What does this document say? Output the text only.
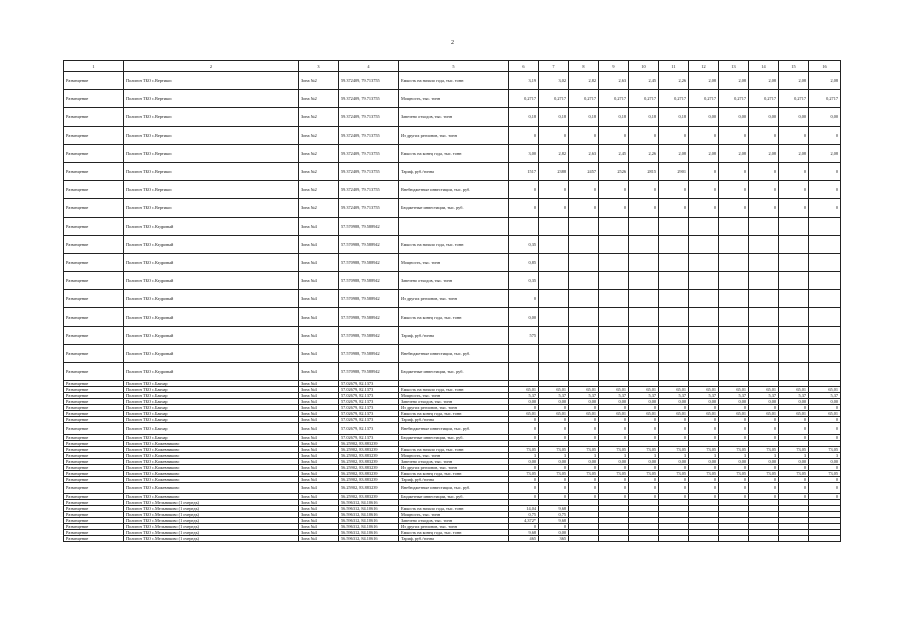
2
1	2	3	4	5	6	7	8	9	10	11	12	13	14	15	16
Размещение	Полигон ТБО с.Вертикос	Зона №2	59.372409, 79.713755	Емкость на начало года, тыс. тонн	3,19	3,02	2,82	2,63	2,45	2,26	2,08	2,08	2,08	2,08	2,08
Размещение	Полигон ТБО с.Вертикос	Зона №2	59.372409, 79.713755	Мощность, тыс. тонн	0,2717	0,2717	0,2717	0,2717	0,2717	0,2717	0,2717	0,2717	0,2717	0,2717	0,2717
Размещение	Полигон ТБО с.Вертикос	Зона №2	59.372409, 79.713755	Завезено отходов, тыс. тонн	0,18	0,18	0,18	0,18	0,18	0,18	0,00	0,00	0,00	0,00	0,00
Размещение	Полигон ТБО с.Вертикос	Зона №2	59.372409, 79.713755	Из других регионов, тыс. тонн	0	0	0	0	0	0	0	0	0	0	0
Размещение	Полигон ТБО с.Вертикос	Зона №2	59.372409, 79.713755	Емкость на конец года, тыс. тонн	3,00	2,82	2,63	2,45	2,26	2,08	2,08	2,08	2,08	2,08	2,08
Размещение	Полигон ТБО с.Вертикос	Зона №2	59.372409, 79.713755	Тариф, руб./тонна	1517	2388	2457	2526	2815	2901	0	0	0	0	0
Размещение	Полигон ТБО с.Вертикос	Зона №2	59.372409, 79.713755	Внебюджетные инвестиции, тыс. руб.	0	0	0	0	0	0	0	0	0	0	0
Размещение	Полигон ТБО с.Вертикос	Зона №2	59.372409, 79.713755	Бюджетные инвестиции, тыс. руб.	0	0	0	0	0	0	0	0	0	0	0
Размещение	Полигон ТБО с.Кедровый	Зона №4	57.570988, 79.588942												
Размещение	Полигон ТБО с.Кедровый	Зона №4	57.570988, 79.588942	Емкость на начало года, тыс. тонн	0,35										
Размещение	Полигон ТБО с.Кедровый	Зона №4	57.570988, 79.588942	Мощность, тыс. тонн	0,85										
Размещение	Полигон ТБО с.Кедровый	Зона №4	57.570988, 79.588942	Завезено отходов, тыс. тонн	0,35										
Размещение	Полигон ТБО с.Кедровый	Зона №4	57.570988, 79.588942	Из других регионов, тыс. тонн	0										
Размещение	Полигон ТБО с.Кедровый	Зона №4	57.570988, 79.588942	Емкость на конец года, тыс. тонн	0,00										
Размещение	Полигон ТБО с.Кедровый	Зона №4	57.570988, 79.588942	Тариф, руб./тонна	575										
Размещение	Полигон ТБО с.Кедровый	Зона №4	57.570988, 79.588942	Внебюджетные инвестиции, тыс. руб.											
Размещение	Полигон ТБО с.Кедровый	Зона №4	57.570988, 79.588942	Бюджетные инвестиции, тыс. руб.											
Размещение	Полигон ТБО с.Бакчар	Зона №4	57.02679, 82.1373												
Размещение	Полигон ТБО с.Бакчар	Зона №4	57.02679, 82.1373	Емкость на начало года, тыс. тонн	65,01	65,01	65,01	65,01	65,01	65,01	65,01	65,01	65,01	65,01	65,01
Размещение	Полигон ТБО с.Бакчар	Зона №4	57.02679, 82.1373	Мощность, тыс. тонн	5,37	5,37	5,37	5,37	5,37	5,37	5,37	5,37	5,37	5,37	5,37
Размещение	Полигон ТБО с.Бакчар	Зона №4	57.02679, 82.1373	Завезено отходов, тыс. тонн	0,00	0,00	0,00	0,00	0,00	0,00	0,00	0,00	0,00	0,00	0,00
Размещение	Полигон ТБО с.Бакчар	Зона №4	57.02679, 82.1373	Из других регионов, тыс. тонн	0	0	0	0	0	0	0	0	0	0	0
Размещение	Полигон ТБО с.Бакчар	Зона №4	57.02679, 82.1373	Емкость на конец года, тыс. тонн	65,01	65,01	65,01	65,01	65,01	65,01	65,01	65,01	65,01	65,01	65,01
Размещение	Полигон ТБО с.Бакчар	Зона №4	57.02679, 82.1373	Тариф, руб./тонна	0	0	0	0	0	0	0	0	0	0	0
Размещение	Полигон ТБО с.Бакчар	Зона №4	57.02679, 82.1373	Внебюджетные инвестиции, тыс. руб.	0	0	0	0	0	0	0	0	0	0	0
Размещение	Полигон ТБО с.Бакчар	Зона №4	57.02679, 82.1373	Бюджетные инвестиции, тыс. руб.	0	0	0	0	0	0	0	0	0	0	0
Размещение	Полигон ТБО с.Кожевниково	Зона №4	56.25902, 83.883239												
Размещение	Полигон ТБО с.Кожевниково	Зона №4	56.25902, 83.883239	Емкость на начало года, тыс. тонн	73,05	73,05	73,05	73,05	73,05	73,05	73,05	73,05	73,05	73,05	73,05
Размещение	Полигон ТБО с.Кожевниково	Зона №4	56.25902, 83.883239	Мощность, тыс. тонн	3	3	3	3	3	3	3	3	3	3	3
Размещение	Полигон ТБО с.Кожевниково	Зона №4	56.25902, 83.883239	Завезено отходов, тыс. тонн	0,00	0,00	0,00	0,00	0,00	0,00	0,00	0,00	0,00	0,00	0,00
Размещение	Полигон ТБО с.Кожевниково	Зона №4	56.25902, 83.883239	Из других регионов, тыс. тонн	0	0	0	0	0	0	0	0	0	0	0
Размещение	Полигон ТБО с.Кожевниково	Зона №4	56.25902, 83.883239	Емкость на конец года, тыс. тонн	73,05	73,05	73,05	73,05	73,05	73,05	73,05	73,05	73,05	73,05	73,05
Размещение	Полигон ТБО с.Кожевниково	Зона №4	56.25902, 83.883239	Тариф, руб./тонна	0	0	0	0	0	0	0	0	0	0	0
Размещение	Полигон ТБО с.Кожевниково	Зона №4	56.25902, 83.883239	Внебюджетные инвестиции, тыс. руб.	0	0	0	0	0	0	0	0	0	0	0
Размещение	Полигон ТБО с.Кожевниково	Зона №4	56.25902, 83.883239	Бюджетные инвестиции, тыс. руб.	0	0	0	0	0	0	0	0	0	0	0
Размещение	Полигон ТБО с.Мельниково (1 очередь)	Зона №4	56.596312, 84.10616												
Размещение	Полигон ТБО с.Мельниково (1 очередь)	Зона №4	56.596312, 84.10616	Емкость на начало года, тыс. тонн	14,04	9,68									
Размещение	Полигон ТБО с.Мельниково (1 очередь)	Зона №4	56.596312, 84.10616	Мощность, тыс. тонн	0,75	0,75									
Размещение	Полигон ТБО с.Мельниково (1 очередь)	Зона №4	56.596312, 84.10616	Завезено отходов, тыс. тонн	4,372*	9,68									
Размещение	Полигон ТБО с.Мельниково (1 очередь)	Зона №4	56.596312, 84.10616	Из других регионов, тыс. тонн	0	0									
Размещение	Полигон ТБО с.Мельниково (1 очередь)	Зона №4	56.596312, 84.10616	Емкость на конец года, тыс. тонн	9,68	0,00									
Размещение	Полигон ТБО с.Мельниково (1 очередь)	Зона №4	56.596312, 84.10616	Тариф, руб./тонна	465	365									
